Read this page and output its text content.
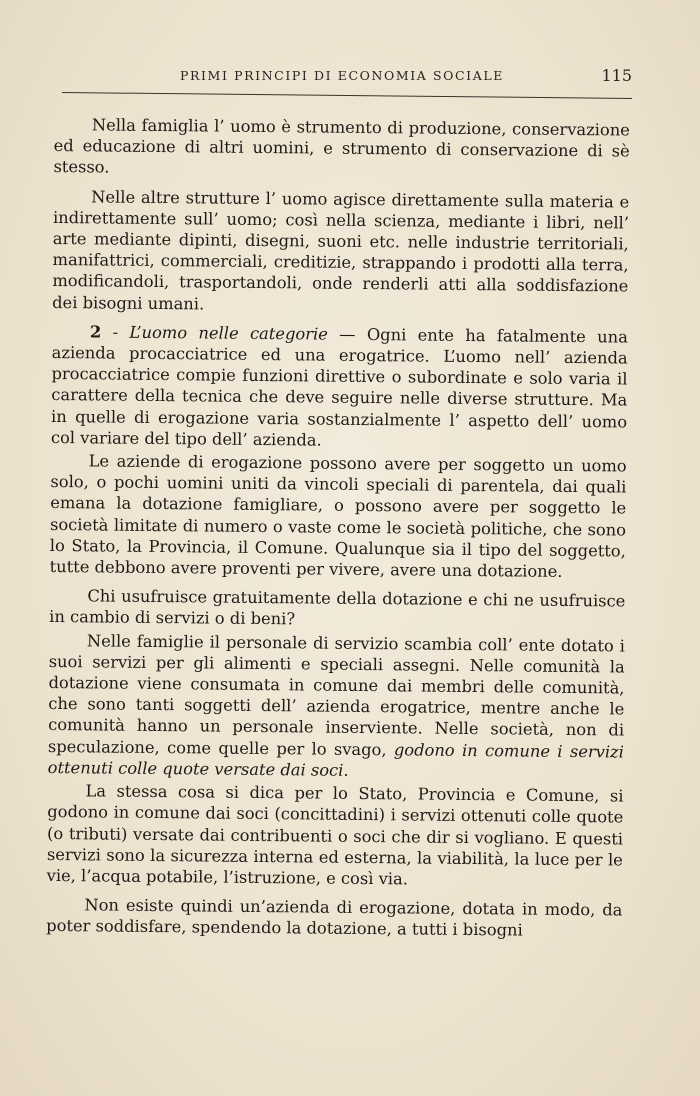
PRIMI PRINCIPI DI ECONOMIA SOCIALE	115

Nella famiglia l’ uomo è strumento di produzione, conservazione ed educazione di altri uomini, e strumento di conservazione di sè stesso.

Nelle altre strutture l’ uomo agisce direttamente sulla materia e indirettamente sull’ uomo; così nella scienza, mediante i libri, nell’ arte mediante dipinti, disegni, suoni etc. nelle industrie territoriali, manifattrici, commerciali, creditizie, strappando i prodotti alla terra, modificandoli, trasportandoli, onde renderli atti alla soddisfazione dei bisogni umani.

2 - L’uomo nelle categorie — Ogni ente ha fatalmente una azienda procacciatrice ed una erogatrice. L’uomo nell’ azienda procacciatrice compie funzioni direttive o subordinate e solo varia il carattere della tecnica che deve seguire nelle diverse strutture. Ma in quelle di erogazione varia sostanzialmente l’ aspetto dell’ uomo col variare del tipo dell’ azienda.

Le aziende di erogazione possono avere per soggetto un uomo solo, o pochi uomini uniti da vincoli speciali di parentela, dai quali emana la dotazione famigliare, o possono avere per soggetto le società limitate di numero o vaste come le società politiche, che sono lo Stato, la Provincia, il Comune. Qualunque sia il tipo del soggetto, tutte debbono avere proventi per vivere, avere una dotazione.

Chi usufruisce gratuitamente della dotazione e chi ne usufruisce in cambio di servizi o di beni?

Nelle famiglie il personale di servizio scambia coll’ ente dotato i suoi servizi per gli alimenti e speciali assegni. Nelle comunità la dotazione viene consumata in comune dai membri delle comunità, che sono tanti soggetti dell’ azienda erogatrice, mentre anche le comunità hanno un personale inserviente. Nelle società, non di speculazione, come quelle per lo svago, godono in comune i servizi ottenuti colle quote versate dai soci.

La stessa cosa si dica per lo Stato, Provincia e Comune, si godono in comune dai soci (concittadini) i servizi ottenuti colle quote (o tributi) versate dai contribuenti o soci che dir si vogliano. E questi servizi sono la sicurezza interna ed esterna, la viabilità, la luce per le vie, l’acqua potabile, l’istruzione, e così via.

Non esiste quindi un’azienda di erogazione, dotata in modo, da poter soddisfare, spendendo la dotazione, a tutti i bisogni
